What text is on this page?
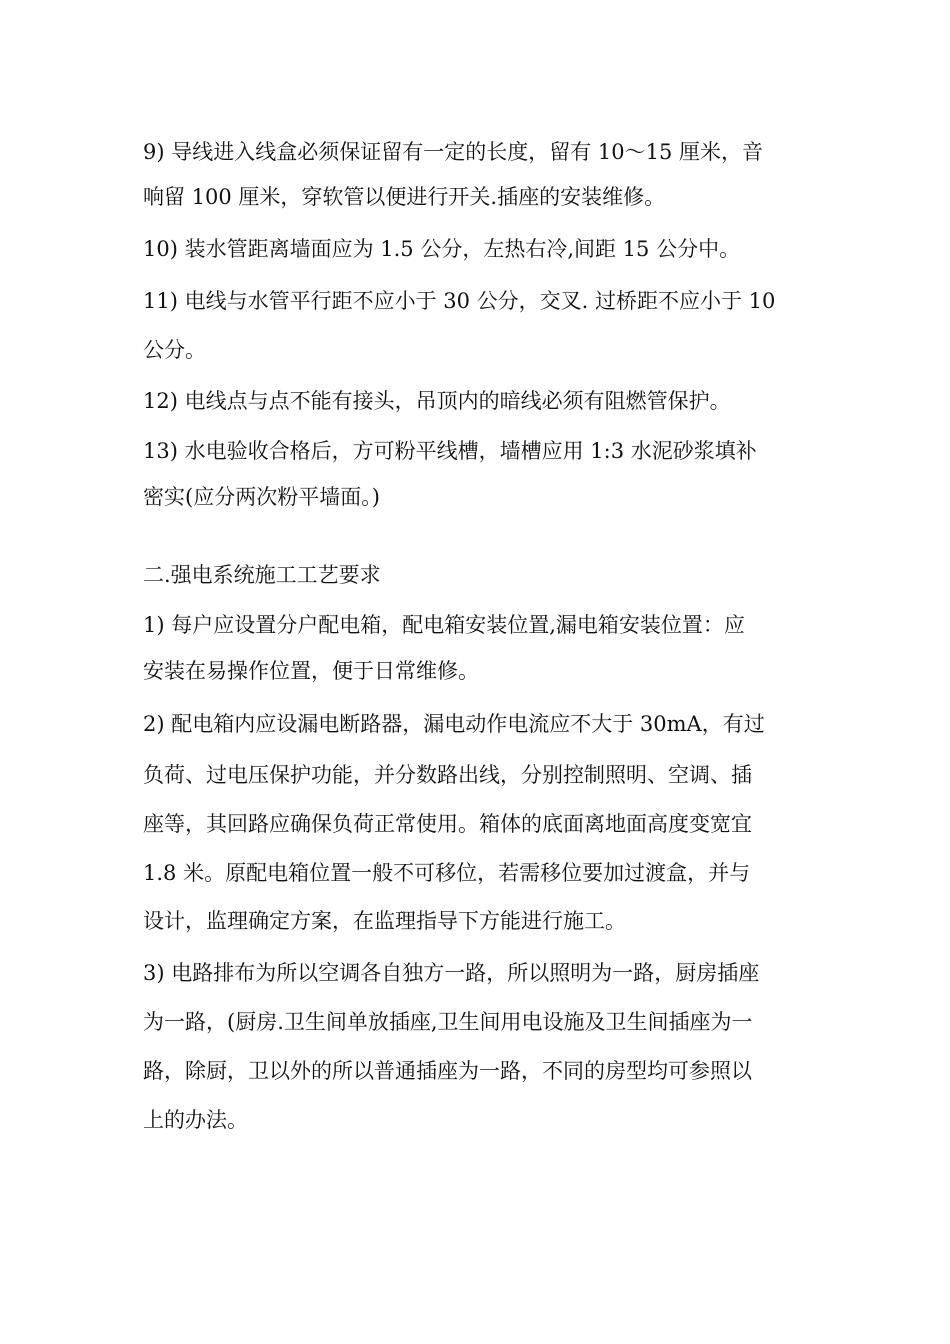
9) 导线进入线盒必须保证留有一定的长度，留有 10～15 厘米，音
响留 100 厘米，穿软管以便进行开关.插座的安装维修。
10) 装水管距离墙面应为 1.5 公分，左热右冷,间距 15 公分中。
11) 电线与水管平行距不应小于 30 公分，交叉. 过桥距不应小于 10
公分。
12) 电线点与点不能有接头，吊顶内的暗线必须有阻燃管保护。
13) 水电验收合格后，方可粉平线槽，墙槽应用 1:3 水泥砂浆填补
密实(应分两次粉平墙面。)
二.强电系统施工工艺要求
1) 每户应设置分户配电箱，配电箱安装位置,漏电箱安装位置：应
安装在易操作位置，便于日常维修。
2) 配电箱内应设漏电断路器，漏电动作电流应不大于 30mA，有过
负荷、过电压保护功能，并分数路出线，分别控制照明、空调、插
座等，其回路应确保负荷正常使用。箱体的底面离地面高度变宽宜
1.8 米。原配电箱位置一般不可移位，若需移位要加过渡盒，并与
设计，监理确定方案，在监理指导下方能进行施工。
3) 电路排布为所以空调各自独方一路，所以照明为一路，厨房插座
为一路，(厨房.卫生间单放插座,卫生间用电设施及卫生间插座为一
路，除厨，卫以外的所以普通插座为一路，不同的房型均可参照以
上的办法。
